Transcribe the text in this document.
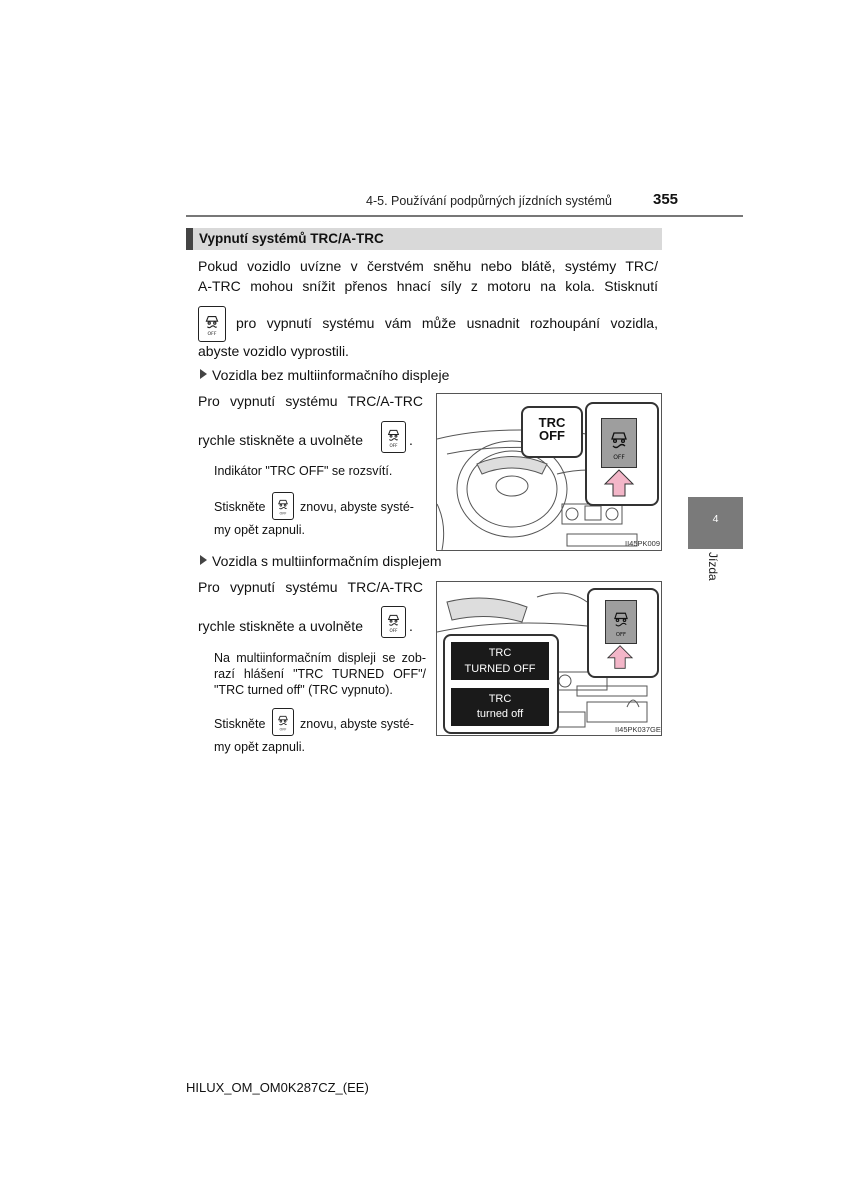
4-5. Používání podpůrných jízdních systémů	355
Vypnutí systémů TRC/A-TRC
Pokud vozidlo uvízne v čerstvém sněhu nebo blátě, systémy TRC/
A-TRC mohou snížit přenos hnací síly z motoru na kola. Stisknutí
OFF
pro vypnutí systému vám může usnadnit rozhoupání vozidla,
abyste vozidlo vyprostili.
Vozidla bez multiinformačního displeje
Pro vypnutí systému TRC/A-TRC
rychle stiskněte a uvolněte	OFF .
Indikátor "TRC OFF" se rozsvítí.
Stiskněte	OFF znovu, abyste systé-
my opět zapnuli.
TRC
OFF
OFF
II45PK009
Vozidla s multiinformačním displejem
Pro vypnutí systému TRC/A-TRC
rychle stiskněte a uvolněte	OFF .
Na multiinformačním displeji se zob-
razí hlášení "TRC TURNED OFF"/
"TRC turned off" (TRC vypnuto).
Stiskněte	OFF znovu, abyste systé-
my opět zapnuli.
TRC
TURNED OFF
TRC
turned off
OFF
II45PK037GE
4
Jízda
HILUX_OM_OM0K287CZ_(EE)
